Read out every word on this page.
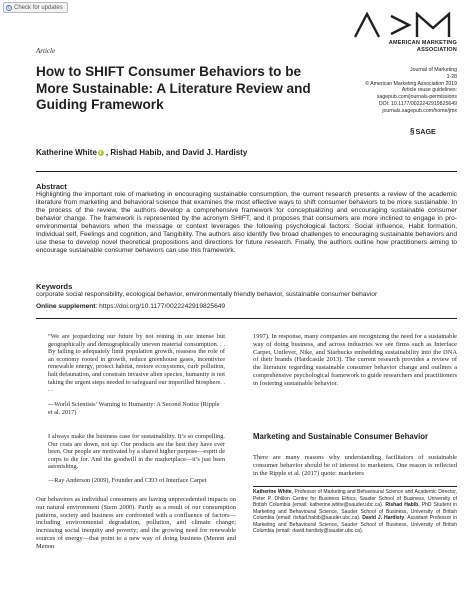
↻ Check for updates
Article
AMERICAN MARKETING
ASSOCIATION
Journal of Marketing
1-28
© American Marketing Association 2019
Article reuse guidelines:
sagepub.com/journals-permissions
DOI: 10.1177/0022242919825649
journals.sagepub.com/home/jmx
§ SAGE
How to SHIFT Consumer Behaviors to be More Sustainable: A Literature Review and Guiding Framework
Katherine White , Rishad Habib, and David J. Hardisty
Abstract
Highlighting the important role of marketing in encouraging sustainable consumption, the current research presents a review of the academic literature from marketing and behavioral science that examines the most effective ways to shift consumer behaviors to be more sustainable. In the process of the review, the authors develop a comprehensive framework for conceptualizing and encouraging sustainable consumer behavior change. The framework is represented by the acronym SHIFT, and it proposes that consumers are more inclined to engage in pro-environmental behaviors when the message or context leverages the following psychological factors: Social influence, Habit formation, Individual self, Feelings and cognition, and Tangibility. The authors also identify five broad challenges to encouraging sustainable behaviors and use these to develop novel theoretical propositions and directions for future research. Finally, the authors outline how practitioners aiming to encourage sustainable consumer behaviors can use this framework.
Keywords
corporate social responsibility, ecological behavior, environmentally friendly behavior, sustainable consumer behavior
Online supplement: https://doi.org/10.1177/0022242919825649
“We are jeopardizing our future by not reining in our intense but geographically and demographically uneven material consumption. . . By failing to adequately limit population growth, reassess the role of an economy rooted in growth, reduce greenhouse gases, incentivize renewable energy, protect habitat, restore ecosystems, curb pollution, halt defaunation, and constrain invasive alien species, humanity is not taking the urgent steps needed to safeguard our imperilled biosphere. . . .
—World Scientists’ Warning to Humanity: A Second Notice (Ripple et al. 2017)
I always make the business case for sustainability. It’s so compelling. Our costs are down, not up. Our products are the best they have ever been. Our people are motivated by a shared higher purpose—esprit de corps to die for. And the goodwill in the marketplace—it’s just been astonishing.
—Ray Anderson (2009), Founder and CEO of Interface Carpet
Our behaviors as individual consumers are having unprecedented impacts on our natural environment (Stern 2000). Partly as a result of our consumption patterns, society and business are confronted with a confluence of factors—including environmental degradation, pollution, and climate change; increasing social inequity and poverty; and the growing need for renewable sources of energy—that point to a new way of doing business (Menon and Menon
1997). In response, many companies are recognizing the need for a sustainable way of doing business, and across industries we see firms such as Interface Carpet, Unilever, Nike, and Starbucks embedding sustainability into the DNA of their brands (Hardcastle 2013). The current research provides a review of the literature regarding sustainable consumer behavior change and outlines a comprehensive psychological framework to guide researchers and practitioners in fostering sustainable behavior.
Marketing and Sustainable Consumer Behavior
There are many reasons why understanding facilitators of sustainable consumer behavior should be of interest to marketers. One reason is reflected in the Ripple et al. (2017) quote: marketers
Katherine White, Professor of Marketing and Behavioural Science and Academic Director, Peter P. Dhillon Centre for Business Ethics, Sauder School of Business, University of British Columbia (email: katherine.white@sauder.ubc.ca). Rishad Habib, PhD Student in Marketing and Behavioural Science, Sauder School of Business, University of British Columbia (email: rishad.habib@sauder.ubc.ca). David J. Hardisty, Assistant Professor in Marketing and Behavioural Science, Sauder School of Business, University of British Columbia (email: david.hardisty@sauder.ubc.ca).
